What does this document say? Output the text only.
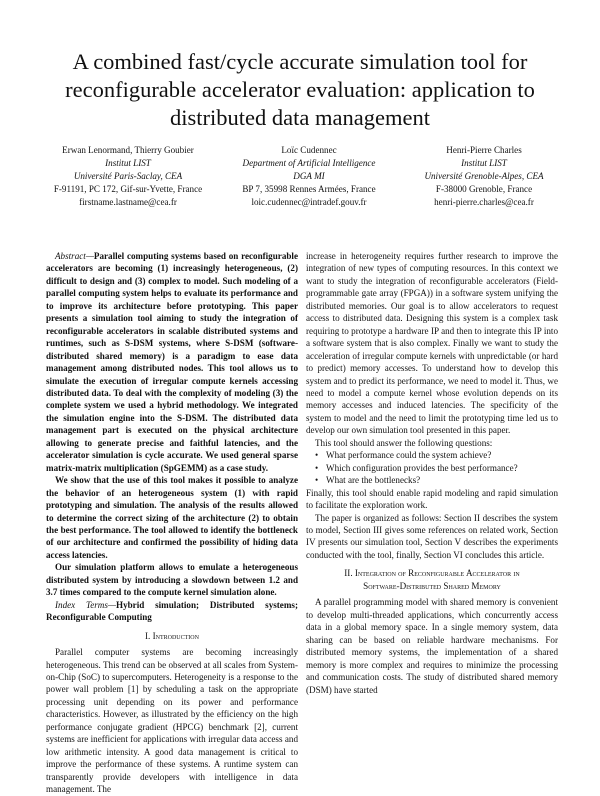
A combined fast/cycle accurate simulation tool for reconfigurable accelerator evaluation: application to distributed data management
Erwan Lenormand, Thierry Goubier
Institut LIST
Université Paris-Saclay, CEA
F-91191, PC 172, Gif-sur-Yvette, France
firstname.lastname@cea.fr
Loïc Cudennec
Department of Artificial Intelligence
DGA MI
BP 7, 35998 Rennes Armées, France
loic.cudennec@intradef.gouv.fr
Henri-Pierre Charles
Institut LIST
Université Grenoble-Alpes, CEA
F-38000 Grenoble, France
henri-pierre.charles@cea.fr

Abstract—Parallel computing systems based on reconfigurable accelerators are becoming (1) increasingly heterogeneous, (2) difficult to design and (3) complex to model. Such modeling of a parallel computing system helps to evaluate its performance and to improve its architecture before prototyping. This paper presents a simulation tool aiming to study the integration of reconfigurable accelerators in scalable distributed systems and runtimes, such as S-DSM systems, where S-DSM (software-distributed shared memory) is a paradigm to ease data management among distributed nodes. This tool allows us to simulate the execution of irregular compute kernels accessing distributed data. To deal with the complexity of modeling (3) the complete system we used a hybrid methodology. We integrated the simulation engine into the S-DSM. The distributed data management part is executed on the physical architecture allowing to generate precise and faithful latencies, and the accelerator simulation is cycle accurate. We used general sparse matrix-matrix multiplication (SpGEMM) as a case study.

We show that the use of this tool makes it possible to analyze the behavior of an heterogeneous system (1) with rapid prototyping and simulation. The analysis of the results allowed to determine the correct sizing of the architecture (2) to obtain the best performance. The tool allowed to identify the bottleneck of our architecture and confirmed the possibility of hiding data access latencies.

Our simulation platform allows to emulate a heterogeneous distributed system by introducing a slowdown between 1.2 and 3.7 times compared to the compute kernel simulation alone.

Index Terms—Hybrid simulation; Distributed systems; Reconfigurable Computing

I. Introduction

Parallel computer systems are becoming increasingly heterogeneous. This trend can be observed at all scales from System-on-Chip (SoC) to supercomputers. Heterogeneity is a response to the power wall problem [1] by scheduling a task on the appropriate processing unit depending on its power and performance characteristics. However, as illustrated by the efficiency on the high performance conjugate gradient (HPCG) benchmark [2], current systems are inefficient for applications with irregular data access and low arithmetic intensity. A good data management is critical to improve the performance of these systems. A runtime system can transparently provide developers with intelligence in data management. The

increase in heterogeneity requires further research to improve the integration of new types of computing resources. In this context we want to study the integration of reconfigurable accelerators (Field-programmable gate array (FPGA)) in a software system unifying the distributed memories. Our goal is to allow accelerators to request access to distributed data. Designing this system is a complex task requiring to prototype a hardware IP and then to integrate this IP into a software system that is also complex. Finally we want to study the acceleration of irregular compute kernels with unpredictable (or hard to predict) memory accesses. To understand how to develop this system and to predict its performance, we need to model it. Thus, we need to model a compute kernel whose evolution depends on its memory accesses and induced latencies. The specificity of the system to model and the need to limit the prototyping time led us to develop our own simulation tool presented in this paper.

This tool should answer the following questions:

• What performance could the system achieve?
• Which configuration provides the best performance?
• What are the bottlenecks?

Finally, this tool should enable rapid modeling and rapid simulation to facilitate the exploration work.

The paper is organized as follows: Section II describes the system to model, Section III gives some references on related work, Section IV presents our simulation tool, Section V describes the experiments conducted with the tool, finally, Section VI concludes this article.

II. Integration of Reconfigurable Accelerator in
Software-Distributed Shared Memory

A parallel programming model with shared memory is convenient to develop multi-threaded applications, which concurrently access data in a global memory space. In a single memory system, data sharing can be based on reliable hardware mechanisms. For distributed memory systems, the implementation of a shared memory is more complex and requires to minimize the processing and communication costs. The study of distributed shared memory (DSM) have started
